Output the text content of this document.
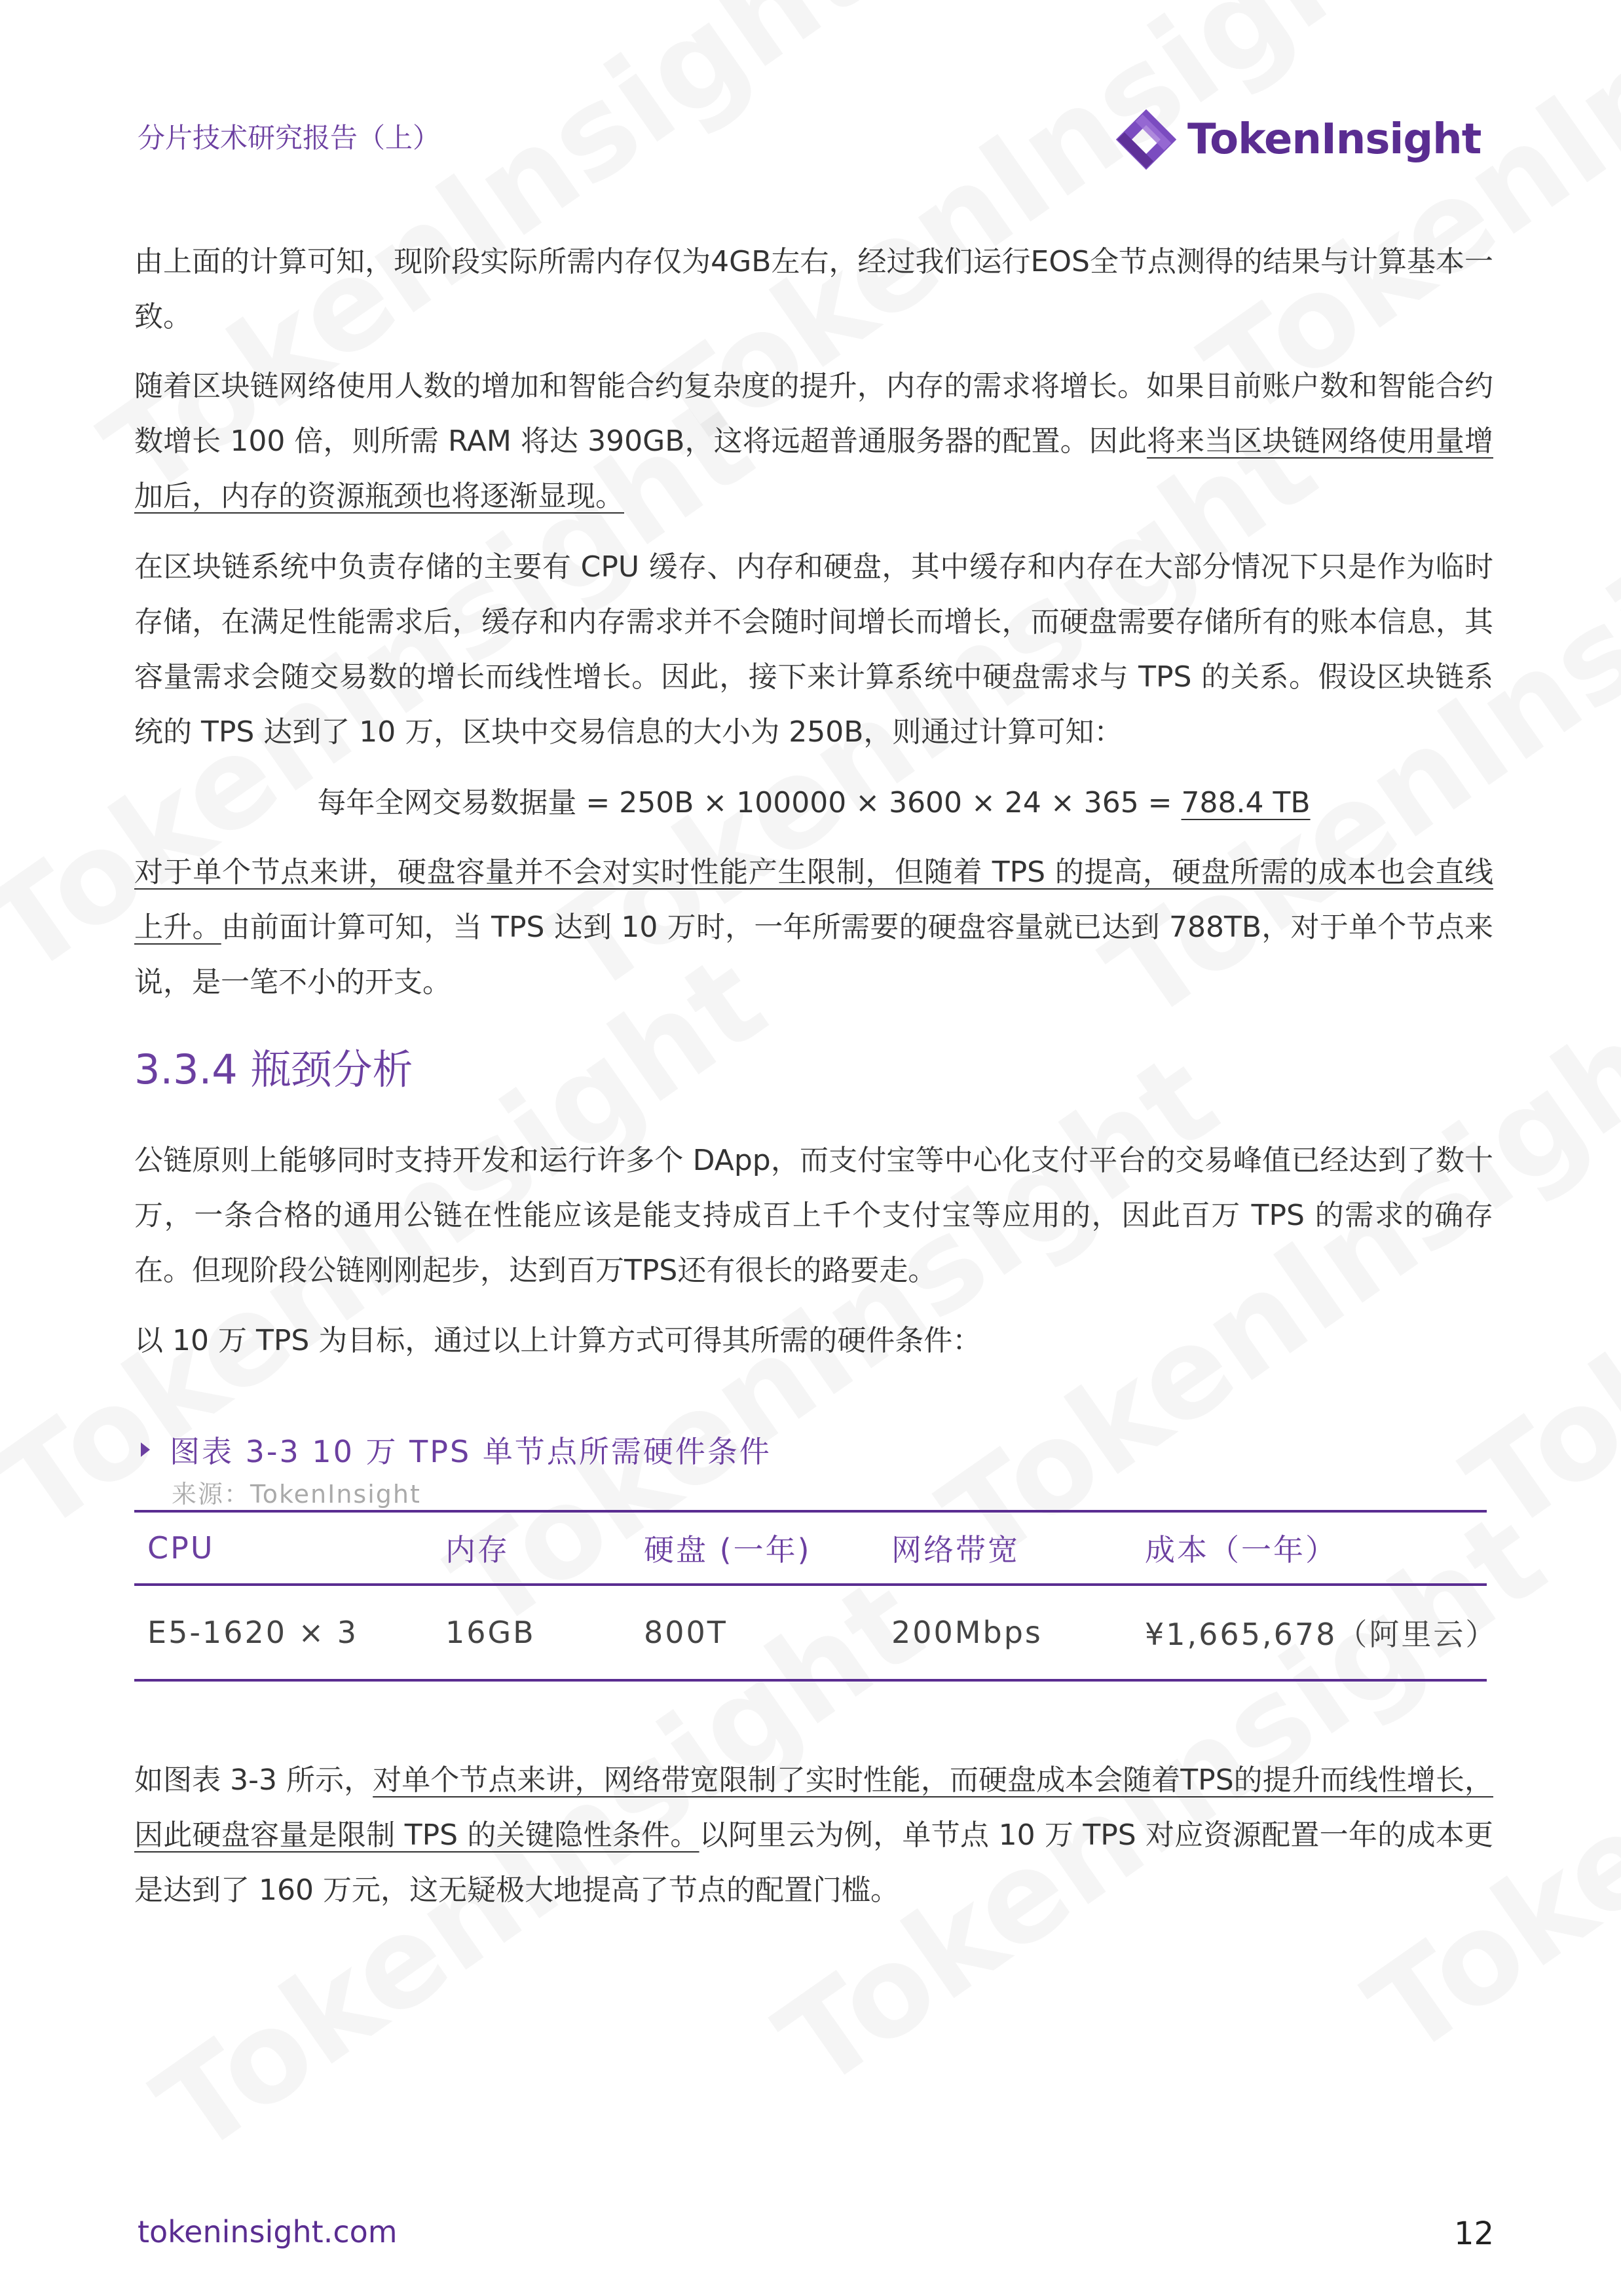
分片技术研究报告（上）	TokenInsight

由上面的计算可知，现阶段实际所需内存仅为4GB左右，经过我们运行EOS全节点测得的结果与计算基本一致。

随着区块链网络使用人数的增加和智能合约复杂度的提升，内存的需求将增长。如果目前账户数和智能合约数增长 100 倍，则所需 RAM 将达 390GB，这将远超普通服务器的配置。因此将来当区块链网络使用量增加后，内存的资源瓶颈也将逐渐显现。

在区块链系统中负责存储的主要有 CPU 缓存、内存和硬盘，其中缓存和内存在大部分情况下只是作为临时存储，在满足性能需求后，缓存和内存需求并不会随时间增长而增长，而硬盘需要存储所有的账本信息，其容量需求会随交易数的增长而线性增长。因此，接下来计算系统中硬盘需求与 TPS 的关系。假设区块链系统的 TPS 达到了 10 万，区块中交易信息的大小为 250B，则通过计算可知：

每年全网交易数据量 = 250B × 100000 × 3600 × 24 × 365 = 788.4 TB

对于单个节点来讲，硬盘容量并不会对实时性能产生限制，但随着 TPS 的提高，硬盘所需的成本也会直线上升。由前面计算可知，当 TPS 达到 10 万时，一年所需要的硬盘容量就已达到 788TB，对于单个节点来说，是一笔不小的开支。

3.3.4 瓶颈分析

公链原则上能够同时支持开发和运行许多个 DApp，而支付宝等中心化支付平台的交易峰值已经达到了数十万，一条合格的通用公链在性能应该是能支持成百上千个支付宝等应用的，因此百万 TPS 的需求的确存在。但现阶段公链刚刚起步，达到百万TPS还有很长的路要走。

以 10 万 TPS 为目标，通过以上计算方式可得其所需的硬件条件：

图表 3-3 10 万 TPS 单节点所需硬件条件
来源：TokenInsight
CPU	内存	硬盘 (一年)	网络带宽	成本（一年）
E5-1620 × 3	16GB	800T	200Mbps	¥1,665,678（阿里云）

如图表 3-3 所示，对单个节点来讲，网络带宽限制了实时性能，而硬盘成本会随着TPS的提升而线性增长，因此硬盘容量是限制 TPS 的关键隐性条件。以阿里云为例，单节点 10 万 TPS 对应资源配置一年的成本更是达到了 160 万元，这无疑极大地提高了节点的配置门槛。

tokeninsight.com	12
